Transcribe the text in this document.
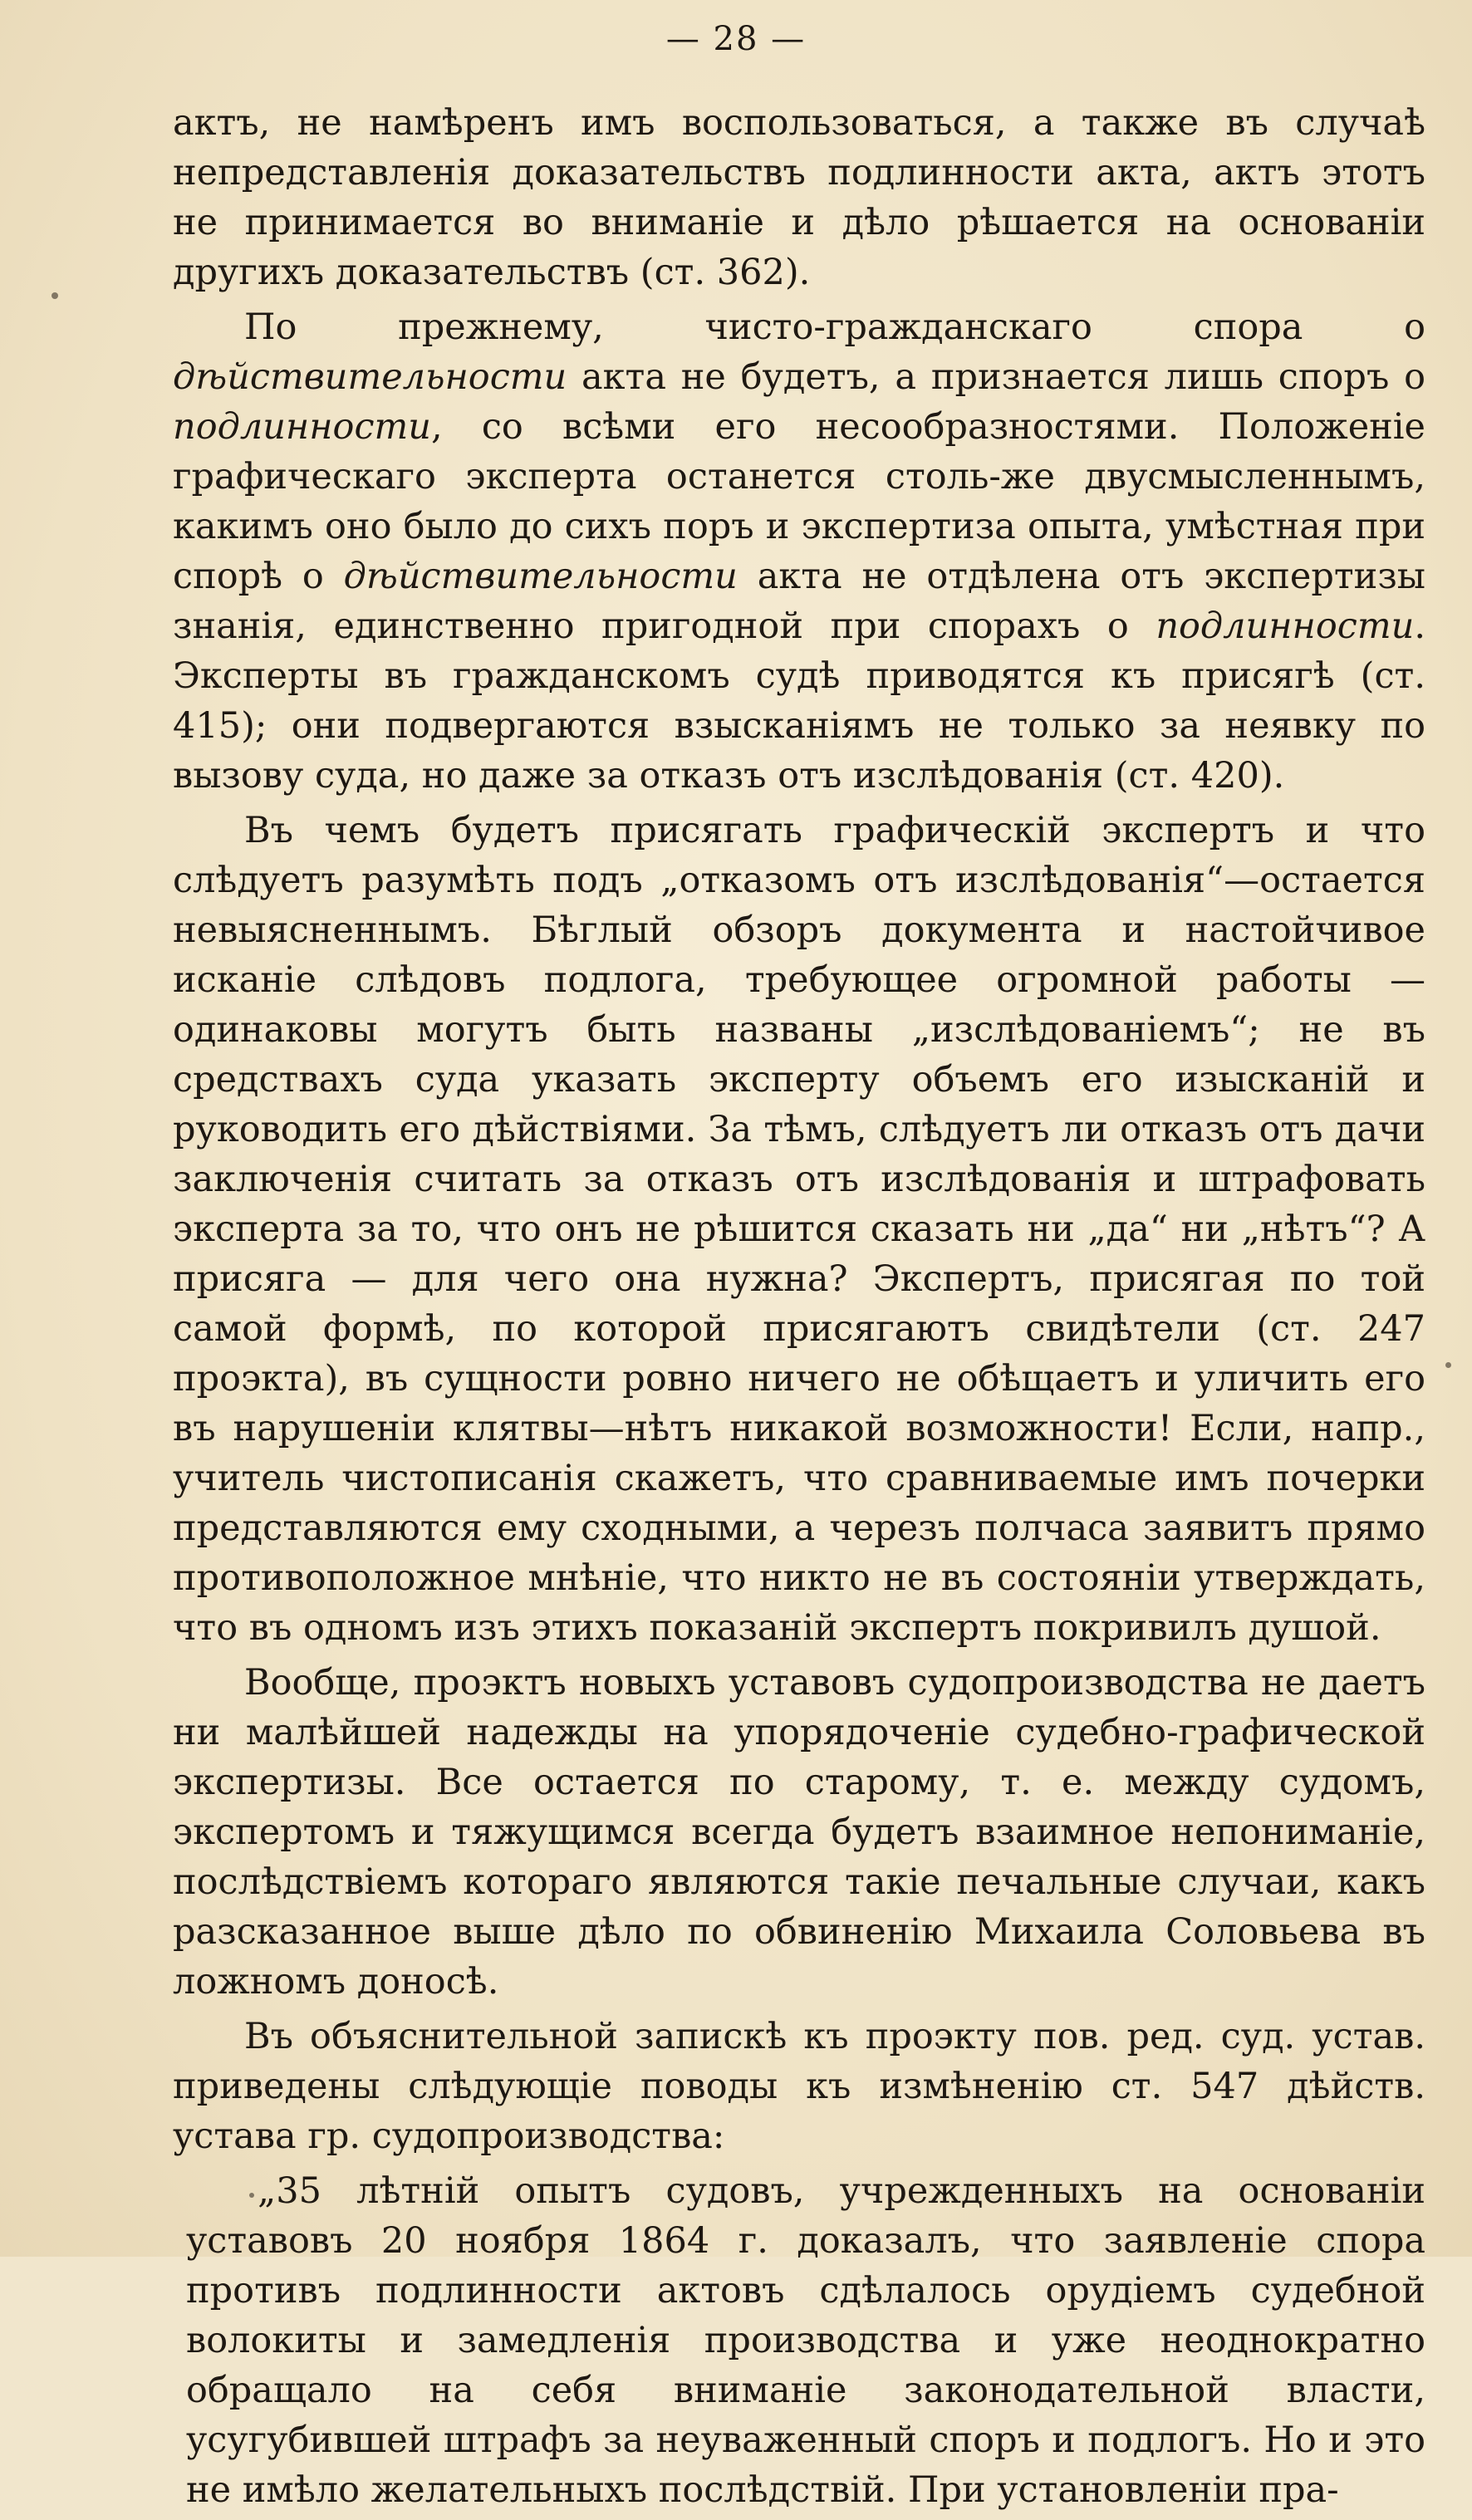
— 28 —

актъ, не намѣренъ имъ воспользоваться, а также въ случаѣ непредставленія доказательствъ подлинности акта, актъ этотъ не принимается во вниманіе и дѣло рѣшается на основаніи другихъ доказательствъ (ст. 362).

По прежнему, чисто-гражданскаго спора о дѣйствительности акта не будетъ, а признается лишь споръ о подлинности, со всѣми его несообразностями. Положеніе графическаго эксперта останется столь-же двусмысленнымъ, какимъ оно было до сихъ поръ и экспертиза опыта, умѣстная при спорѣ о дѣйствительности акта не отдѣлена отъ экспертизы знанія, единственно пригодной при спорахъ о подлинности. Эксперты въ гражданскомъ судѣ приводятся къ присягѣ (ст. 415); они подвергаются взысканіямъ не только за неявку по вызову суда, но даже за отказъ отъ изслѣдованія (ст. 420).

Въ чемъ будетъ присягать графическій экспертъ и что слѣдуетъ разумѣть подъ „отказомъ отъ изслѣдованія“—остается невыясненнымъ. Бѣглый обзоръ документа и настойчивое исканіе слѣдовъ подлога, требующее огромной работы — одинаковы могутъ быть названы „изслѣдованіемъ“; не въ средствахъ суда указать эксперту объемъ его изысканій и руководить его дѣйствіями. За тѣмъ, слѣдуетъ ли отказъ отъ дачи заключенія считать за отказъ отъ изслѣдованія и штрафовать эксперта за то, что онъ не рѣшится сказать ни „да“ ни „нѣтъ“? А присяга — для чего она нужна? Экспертъ, присягая по той самой формѣ, по которой присягаютъ свидѣтели (ст. 247 проэкта), въ сущности ровно ничего не обѣщаетъ и уличить его въ нарушеніи клятвы—нѣтъ никакой возможности! Если, напр., учитель чистописанія скажетъ, что сравниваемые имъ почерки представляются ему сходными, а черезъ полчаса заявитъ прямо противоположное мнѣніе, что никто не въ состояніи утверждать, что въ одномъ изъ этихъ показаній экспертъ покривилъ душой.

Вообще, проэктъ новыхъ уставовъ судопроизводства не даетъ ни малѣйшей надежды на упорядоченіе судебно-графической экспертизы. Все остается по старому, т. е. между судомъ, экспертомъ и тяжущимся всегда будетъ взаимное непониманіе, послѣдствіемъ котораго являются такіе печальные случаи, какъ разсказанное выше дѣло по обвиненію Михаила Соловьева въ ложномъ доносѣ.

Въ объяснительной запискѣ къ проэкту пов. ред. суд. устав. приведены слѣдующіе поводы къ измѣненію ст. 547 дѣйств. устава гр. судопроизводства:

„35 лѣтній опытъ судовъ, учрежденныхъ на основаніи уставовъ 20 ноября 1864 г. доказалъ, что заявленіе спора противъ подлинности актовъ сдѣлалось орудіемъ судебной волокиты и замедленія производства и уже неоднократно обращало на себя вниманіе законодательной власти, усугубившей штрафъ за неуваженный споръ и подлогъ. Но и это не имѣло желательныхъ послѣдствій. При установленіи пра-
